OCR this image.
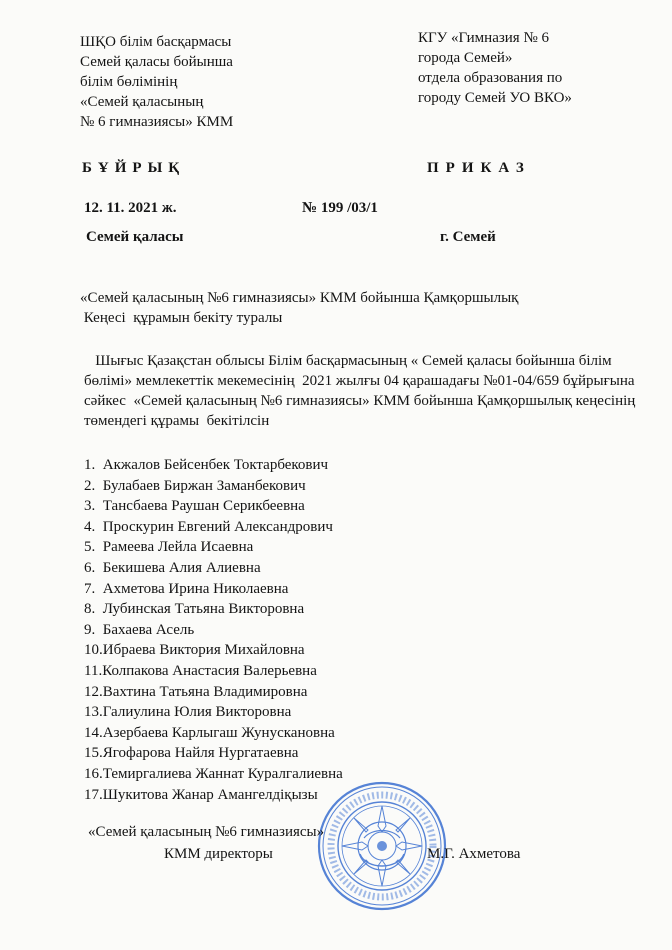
ШҚО білім басқармасы
Семей қаласы бойынша
білім бөлімінің
«Семей қаласының
№ 6 гимназиясы» КММ
КГУ «Гимназия № 6
города Семей»
отдела образования по
городу Семей УО ВКО»
БҰЙРЫҚ	ПРИКАЗ
12. 11. 2021 ж.	№ 199 /03/1
Семей қаласы	г. Семей
«Семей қаласының №6 гимназиясы» КММ бойынша Қамқоршылық
Кеңесі  құрамын бекіту туралы
Шығыс Қазақстан облысы Білім басқармасының « Семей қаласы бойынша білім
бөлімі» мемлекеттік мекемесінің  2021 жылғы 04 қарашадағы №01-04/659 бұйрығына
сәйкес  «Семей қаласының №6 гимназиясы» КММ бойынша Қамқоршылық кеңесінің
төмендегі құрамы  бекітілсін
1.  Акжалов Бейсенбек Токтарбекович
2.  Булабаев Биржан Заманбекович
3.  Тансбаева Раушан Серикбеевна
4.  Проскурин Евгений Александрович
5.  Рамеева Лейла Исаевна
6.  Бекишева Алия Алиевна
7.  Ахметова Ирина Николаевна
8.  Лубинская Татьяна Викторовна
9.  Бахаева Асель
10.Ибраева Виктория Михайловна
11.Колпакова Анастасия Валерьевна
12.Вахтина Татьяна Владимировна
13.Галиулина Юлия Викторовна
14.Азербаева Карлыгаш Жунускановна
15.Ягофарова Найля Нургатаевна
16.Темиргалиева Жаннат Куралгалиевна
17.Шукитова Жанар Амангелдіқызы
«Семей қаласының №6 гимназиясы»
КММ директоры	М.Г. Ахметова
